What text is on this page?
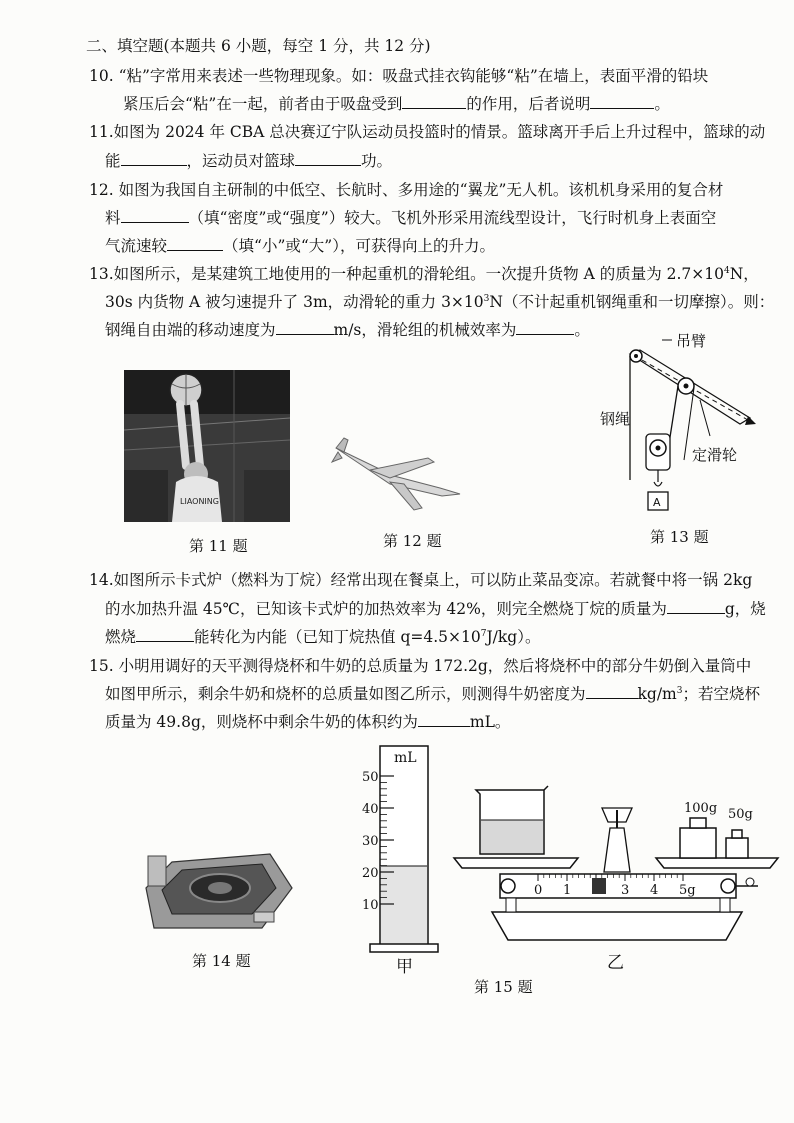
二、填空题(本题共 6 小题，每空 1 分，共 12 分)
10. “粘”字常用来表述一些物理现象。如：吸盘式挂衣钩能够“粘”在墙上，表面平滑的铅块
紧压后会“粘”在一起，前者由于吸盘受到	的作用，后者说明	。
11.如图为 2024 年 CBA 总决赛辽宁队运动员投篮时的情景。篮球离开手后上升过程中，篮球的动
能	，运动员对篮球	功。
12. 如图为我国自主研制的中低空、长航时、多用途的“翼龙”无人机。该机机身采用的复合材
料	（填“密度”或“强度”）较大。飞机外形采用流线型设计，飞行时机身上表面空
气流速较	（填“小”或“大”），可获得向上的升力。
13.如图所示，是某建筑工地使用的一种起重机的滑轮组。一次提升货物 A 的质量为 $2.7\times 10^4N$，
30s 内货物 A 被匀速提升了 3m，动滑轮的重力 $3\times 10^3N$（不计起重机钢绳重和一切摩擦）。则：
钢绳自由端的移动速度为	m/s，滑轮组的机械效率为	。
LIAONING
第 11 题	第 12 题
吊臂
A
钢绳
定滑轮
第 13 题
14.如图所示卡式炉（燃料为丁烷）经常出现在餐桌上，可以防止菜品变凉。若就餐中将一锅 2kg
的水加热升温 45℃，已知该卡式炉的加热效率为 42%，则完全燃烧丁烷的质量为	g，烧
燃烧	能转化为内能（已知丁烷热值 $q=4.5\times 10^7J/kg$）。
15. 小明用调好的天平测得烧杯和牛奶的总质量为 172.2g，然后将烧杯中的部分牛奶倒入量筒中
如图甲所示，剩余牛奶和烧杯的总质量如图乙所示，则测得牛奶密度为	$kg/m^3$；若空烧杯
质量为 49.8g，则烧杯中剩余牛奶的体积约为	mL。
第 14 题
mL
50
40
30
20
10
甲
100g 50g
0 1	3 4 5g
乙
第 15 题
